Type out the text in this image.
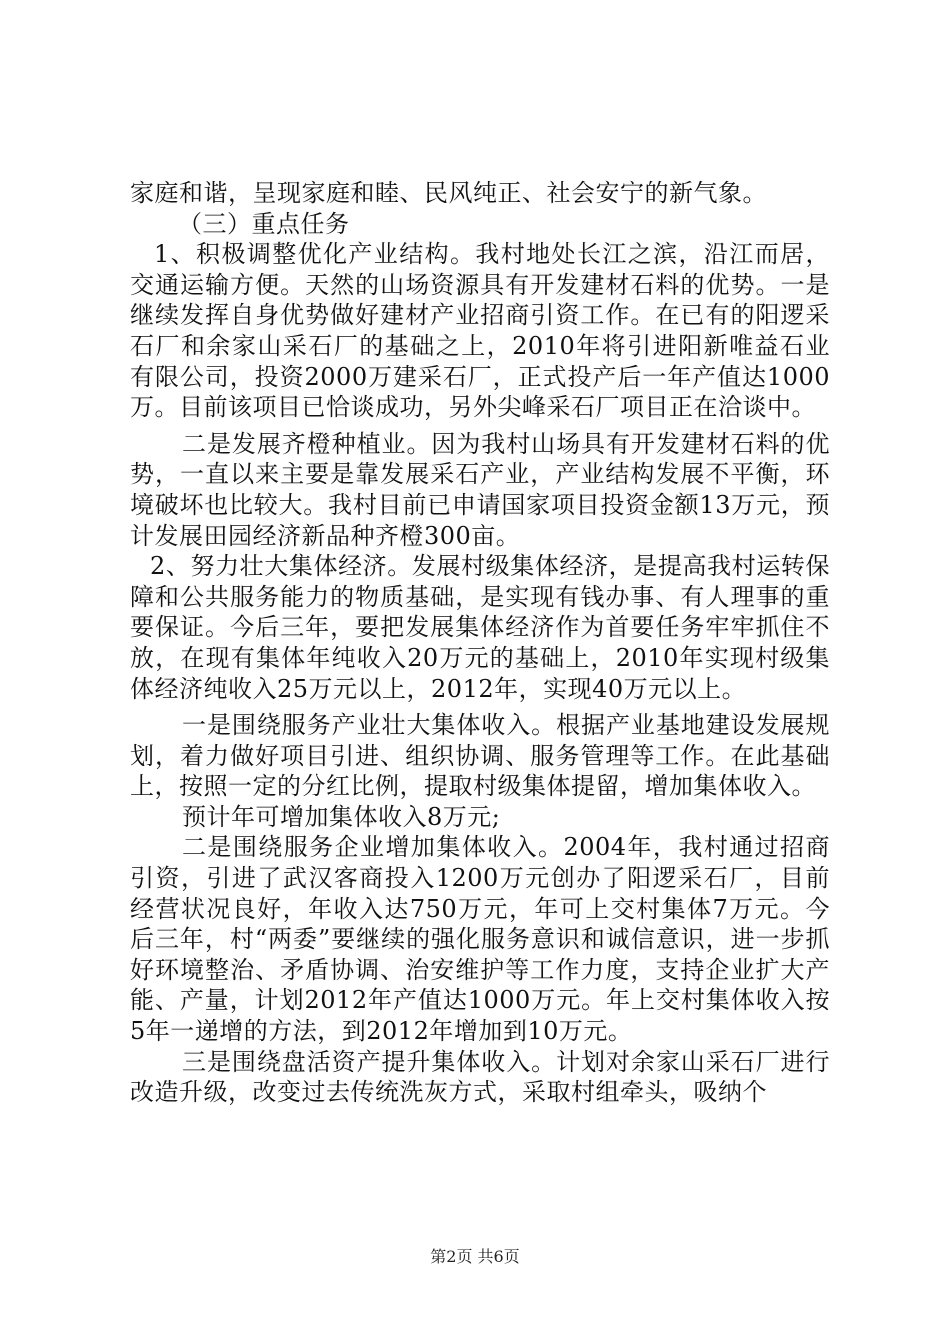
家庭和谐，呈现家庭和睦、民风纯正、社会安宁的新气象。

（三）重点任务

1、积极调整优化产业结构。我村地处长江之滨，沿江而居，交通运输方便。天然的山场资源具有开发建材石料的优势。一是继续发挥自身优势做好建材产业招商引资工作。在已有的阳逻采石厂和余家山采石厂的基础之上，2010年将引进阳新唯益石业有限公司，投资2000万建采石厂，正式投产后一年产值达1000万。目前该项目已恰谈成功，另外尖峰采石厂项目正在洽谈中。

二是发展齐橙种植业。因为我村山场具有开发建材石料的优势，一直以来主要是靠发展采石产业，产业结构发展不平衡，环境破坏也比较大。我村目前已申请国家项目投资金额13万元，预计发展田园经济新品种齐橙300亩。

2、努力壮大集体经济。发展村级集体经济，是提高我村运转保障和公共服务能力的物质基础，是实现有钱办事、有人理事的重要保证。今后三年，要把发展集体经济作为首要任务牢牢抓住不放，在现有集体年纯收入20万元的基础上，2010年实现村级集体经济纯收入25万元以上，2012年，实现40万元以上。

一是围绕服务产业壮大集体收入。根据产业基地建设发展规划，着力做好项目引进、组织协调、服务管理等工作。在此基础上，按照一定的分红比例，提取村级集体提留，增加集体收入。

预计年可增加集体收入8万元;

二是围绕服务企业增加集体收入。2004年，我村通过招商引资，引进了武汉客商投入1200万元创办了阳逻采石厂，目前经营状况良好，年收入达750万元，年可上交村集体7万元。今后三年，村“两委”要继续的强化服务意识和诚信意识，进一步抓好环境整治、矛盾协调、治安维护等工作力度，支持企业扩大产能、产量，计划2012年产值达1000万元。年上交村集体收入按5年一递增的方法，到2012年增加到10万元。

三是围绕盘活资产提升集体收入。计划对余家山采石厂进行改造升级，改变过去传统洗灰方式，采取村组牵头，吸纳个

第2页 共6页
